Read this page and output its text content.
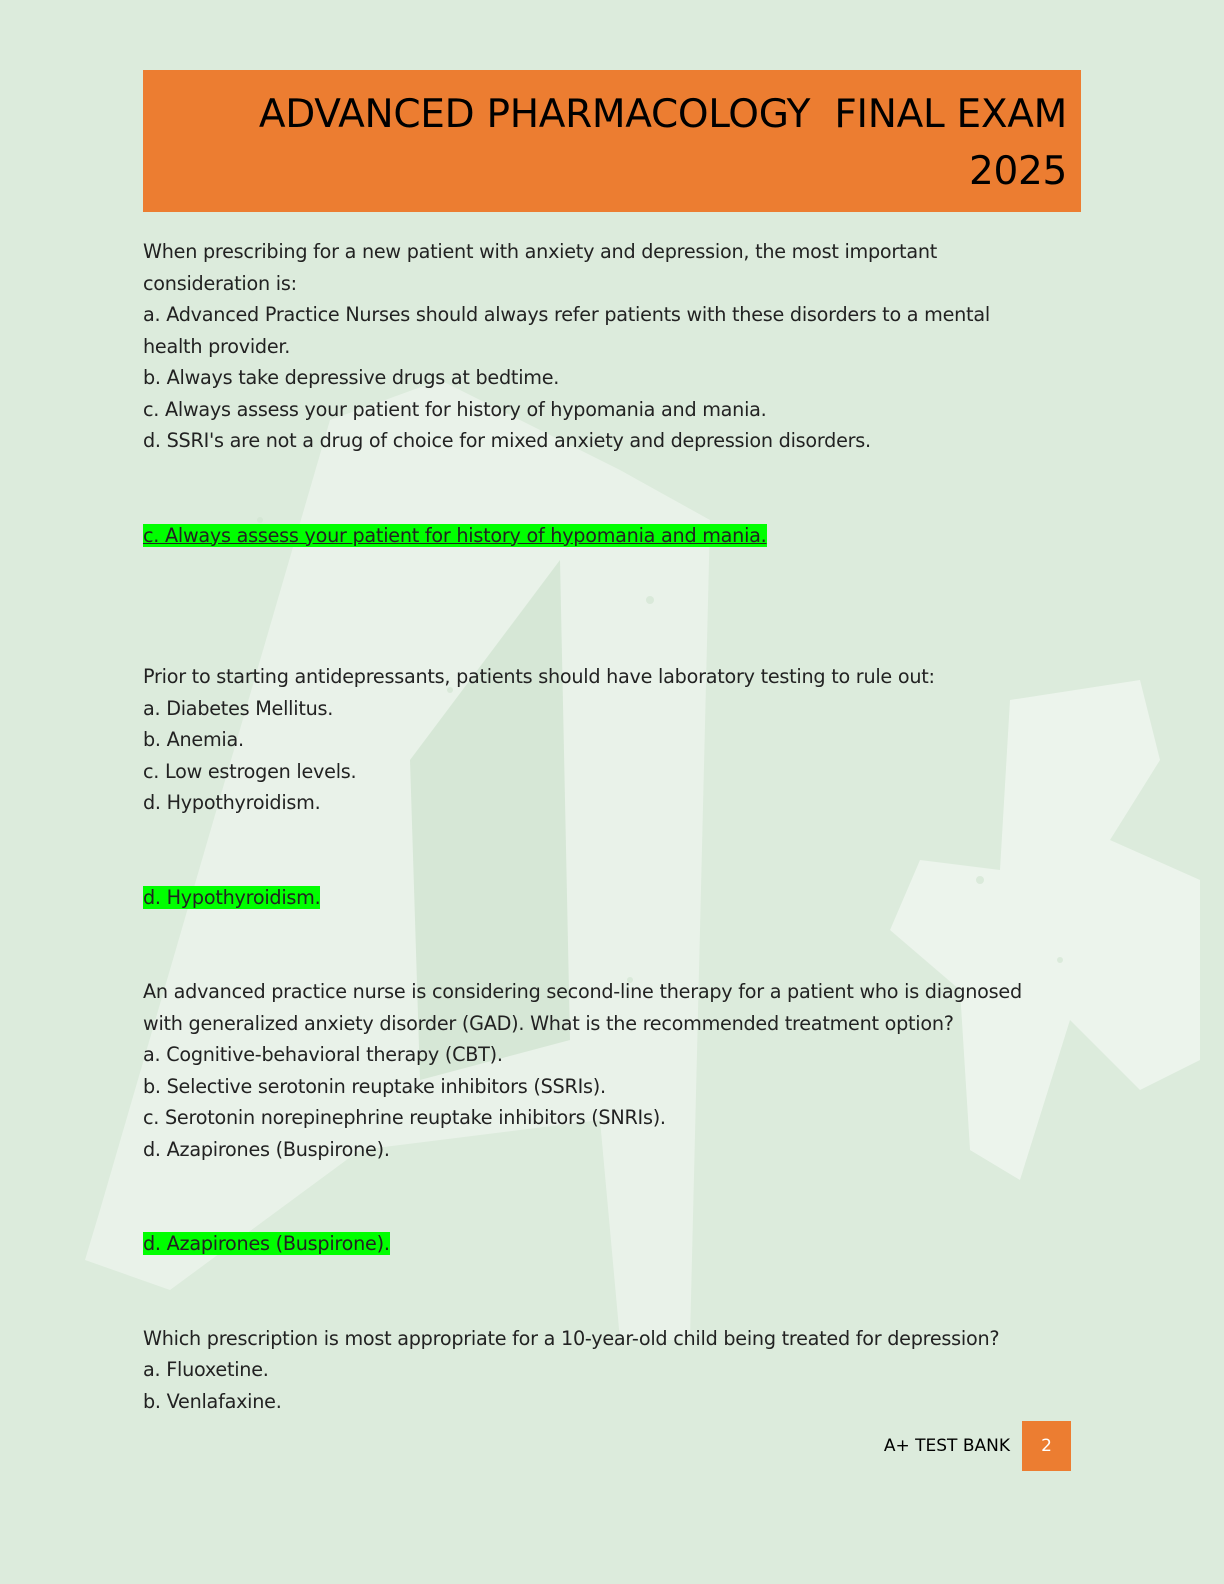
ADVANCED PHARMACOLOGY  FINAL EXAM
2025

When prescribing for a new patient with anxiety and depression, the most important

consideration is:

a. Advanced Practice Nurses should always refer patients with these disorders to a mental

health provider.

b. Always take depressive drugs at bedtime.

c. Always assess your patient for history of hypomania and mania.

d. SSRI's are not a drug of choice for mixed anxiety and depression disorders.

c. Always assess your patient for history of hypomania and mania.

Prior to starting antidepressants, patients should have laboratory testing to rule out:

a. Diabetes Mellitus.

b. Anemia.

c. Low estrogen levels.

d. Hypothyroidism.

d. Hypothyroidism.

An advanced practice nurse is considering second-line therapy for a patient who is diagnosed

with generalized anxiety disorder (GAD). What is the recommended treatment option?

a. Cognitive-behavioral therapy (CBT).

b. Selective serotonin reuptake inhibitors (SSRIs).

c. Serotonin norepinephrine reuptake inhibitors (SNRIs).

d. Azapirones (Buspirone).

d. Azapirones (Buspirone).

Which prescription is most appropriate for a 10-year-old child being treated for depression?

a. Fluoxetine.

b. Venlafaxine.

A+ TEST BANK	2
